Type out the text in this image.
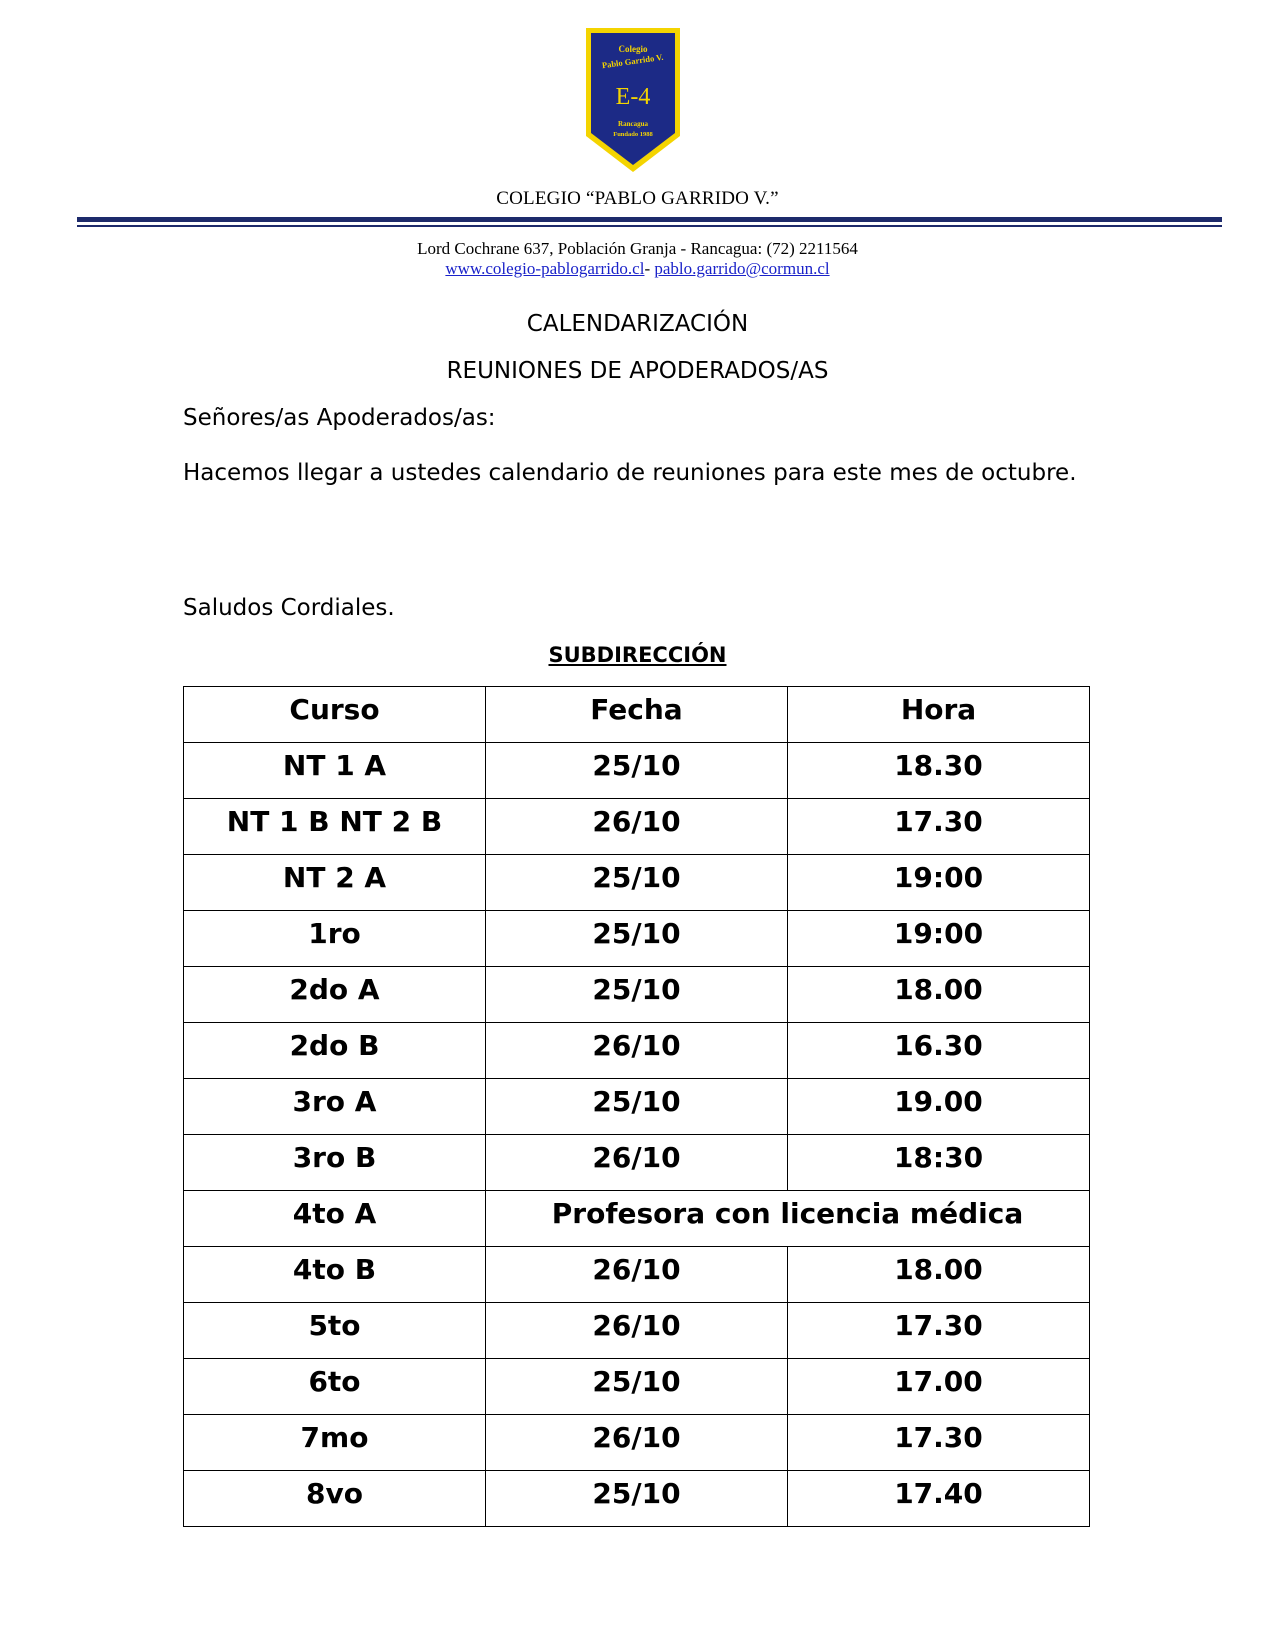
Colegio
Pablo Garrido V.
E-4
Rancagua
Fundado 1988
COLEGIO “PABLO GARRIDO V.”
Lord Cochrane 637, Población Granja - Rancagua: (72) 2211564
www.colegio-pablogarrido.cl- pablo.garrido@cormun.cl
CALENDARIZACIÓN
REUNIONES DE APODERADOS/AS
Señores/as Apoderados/as:
Hacemos llegar a ustedes calendario de reuniones para este mes de octubre.
Saludos Cordiales.
SUBDIRECCIÓN
Curso	Fecha	Hora

NT 1 A	25/10	18.30

NT 1 B NT 2 B	26/10	17.30

NT 2 A	25/10	19:00

1ro	25/10	19:00

2do A	25/10	18.00

2do B	26/10	16.30

3ro A	25/10	19.00

3ro B	26/10	18:30

4to A	Profesora con licencia médica	

4to B	26/10	18.00

5to	26/10	17.30

6to	25/10	17.00

7mo	26/10	17.30

8vo	25/10	17.40
